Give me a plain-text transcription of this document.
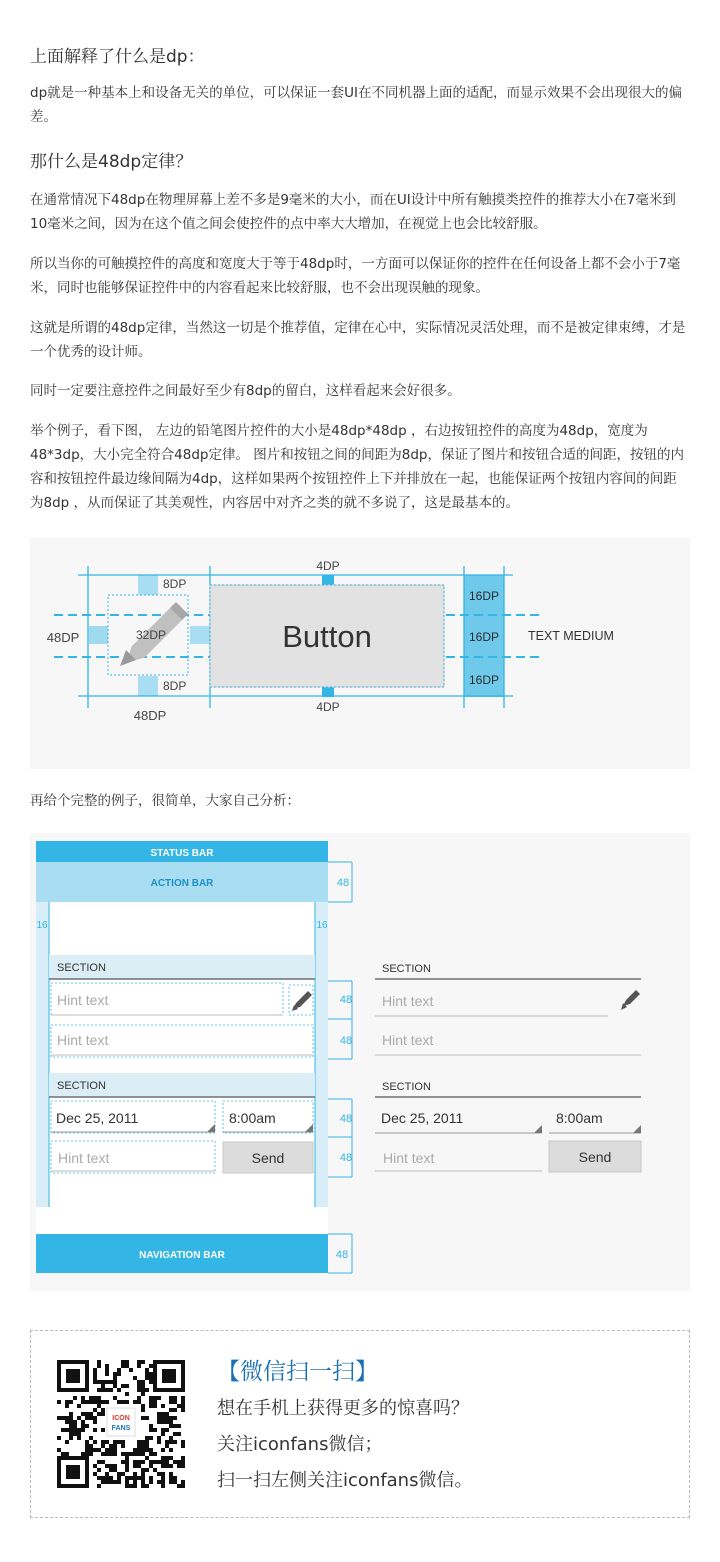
上面解释了什么是dp：

dp就是一种基本上和设备无关的单位，可以保证一套UI在不同机器上面的适配，而显示效果不会出现很大的偏差。

那什么是48dp定律？

在通常情况下48dp在物理屏幕上差不多是9毫米的大小，而在UI设计中所有触摸类控件的推荐大小在7毫米到10毫米之间，因为在这个值之间会使控件的点中率大大增加，在视觉上也会比较舒服。

所以当你的可触摸控件的高度和宽度大于等于48dp时，一方面可以保证你的控件在任何设备上都不会小于7毫米，同时也能够保证控件中的内容看起来比较舒服，也不会出现误触的现象。

这就是所谓的48dp定律，当然这一切是个推荐值，定律在心中，实际情况灵活处理，而不是被定律束缚，才是一个优秀的设计师。

同时一定要注意控件之间最好至少有8dp的留白，这样看起来会好很多。

举个例子，看下图， 左边的铅笔图片控件的大小是48dp*48dp ，右边按钮控件的高度为48dp，宽度为48*3dp，大小完全符合48dp定律。 图片和按钮之间的间距为8dp，保证了图片和按钮合适的间距，按钮的内容和按钮控件最边缘间隔为4dp，这样如果两个按钮控件上下并排放在一起，也能保证两个按钮内容间的间距为8dp ，从而保证了其美观性，内容居中对齐之类的就不多说了，这是最基本的。

再给个完整的例子，很简单，大家自己分析：

32DP	Button
4DP
4DP
8DP
8DP
48DP
48DP
16DP
16DP
16DP
TEXT MEDIUM
STATUS BAR
ACTION BAR
16	16
SECTION
Hint text
Hint text
SECTION
Dec 25, 2011	8:00am
Hint text	Send
NAVIGATION BAR
48
48
48
48
48
48
SECTION
Hint text
Hint text
SECTION
Dec 25, 2011	8:00am
Hint text	Send
ICON
FANS
【微信扫一扫】
想在手机上获得更多的惊喜吗？
关注iconfans微信；
扫一扫左侧关注iconfans微信。
